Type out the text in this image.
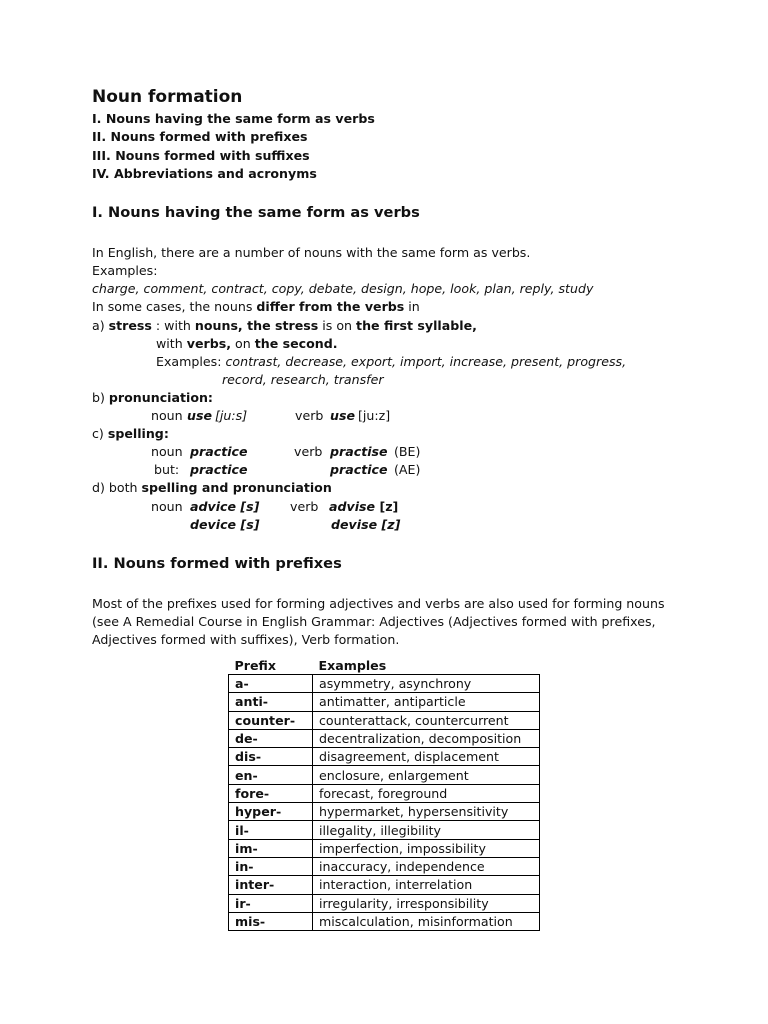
Noun formation
I. Nouns having the same form as verbs
II. Nouns formed with prefixes
III. Nouns formed with suffixes
IV. Abbreviations and acronyms
I. Nouns having the same form as verbs
In English, there are a number of nouns with the same form as verbs.
Examples:
charge, comment, contract, copy, debate, design, hope, look, plan, reply, study
In some cases, the nouns differ from the verbs in
a) stress : with nouns, the stress is on the first syllable,
with verbs, on the second.
Examples: contrast, decrease, export, import, increase, present, progress,
record, research, transfer
b) pronunciation:
noun use [ju:s]	verb use [ju:z]
c) spelling:
noun practice	verb practise (BE)
but: practice	practice (AE)
d) both spelling and pronunciation
noun advice [s] verb advise [z]
device [s]	devise [z]
II. Nouns formed with prefixes
Most of the prefixes used for forming adjectives and verbs are also used for forming nouns
(see A Remedial Course in English Grammar: Adjectives (Adjectives formed with prefixes,
Adjectives formed with suffixes), Verb formation.
Prefix	Examples
a-	asymmetry, asynchrony
anti-	antimatter, antiparticle
counter-	counterattack, countercurrent
de-	decentralization, decomposition
dis-	disagreement, displacement
en-	enclosure, enlargement
fore-	forecast, foreground
hyper-	hypermarket, hypersensitivity
il-	illegality, illegibility
im-	imperfection, impossibility
in-	inaccuracy, independence
inter-	interaction, interrelation
ir-	irregularity, irresponsibility
mis-	miscalculation, misinformation
